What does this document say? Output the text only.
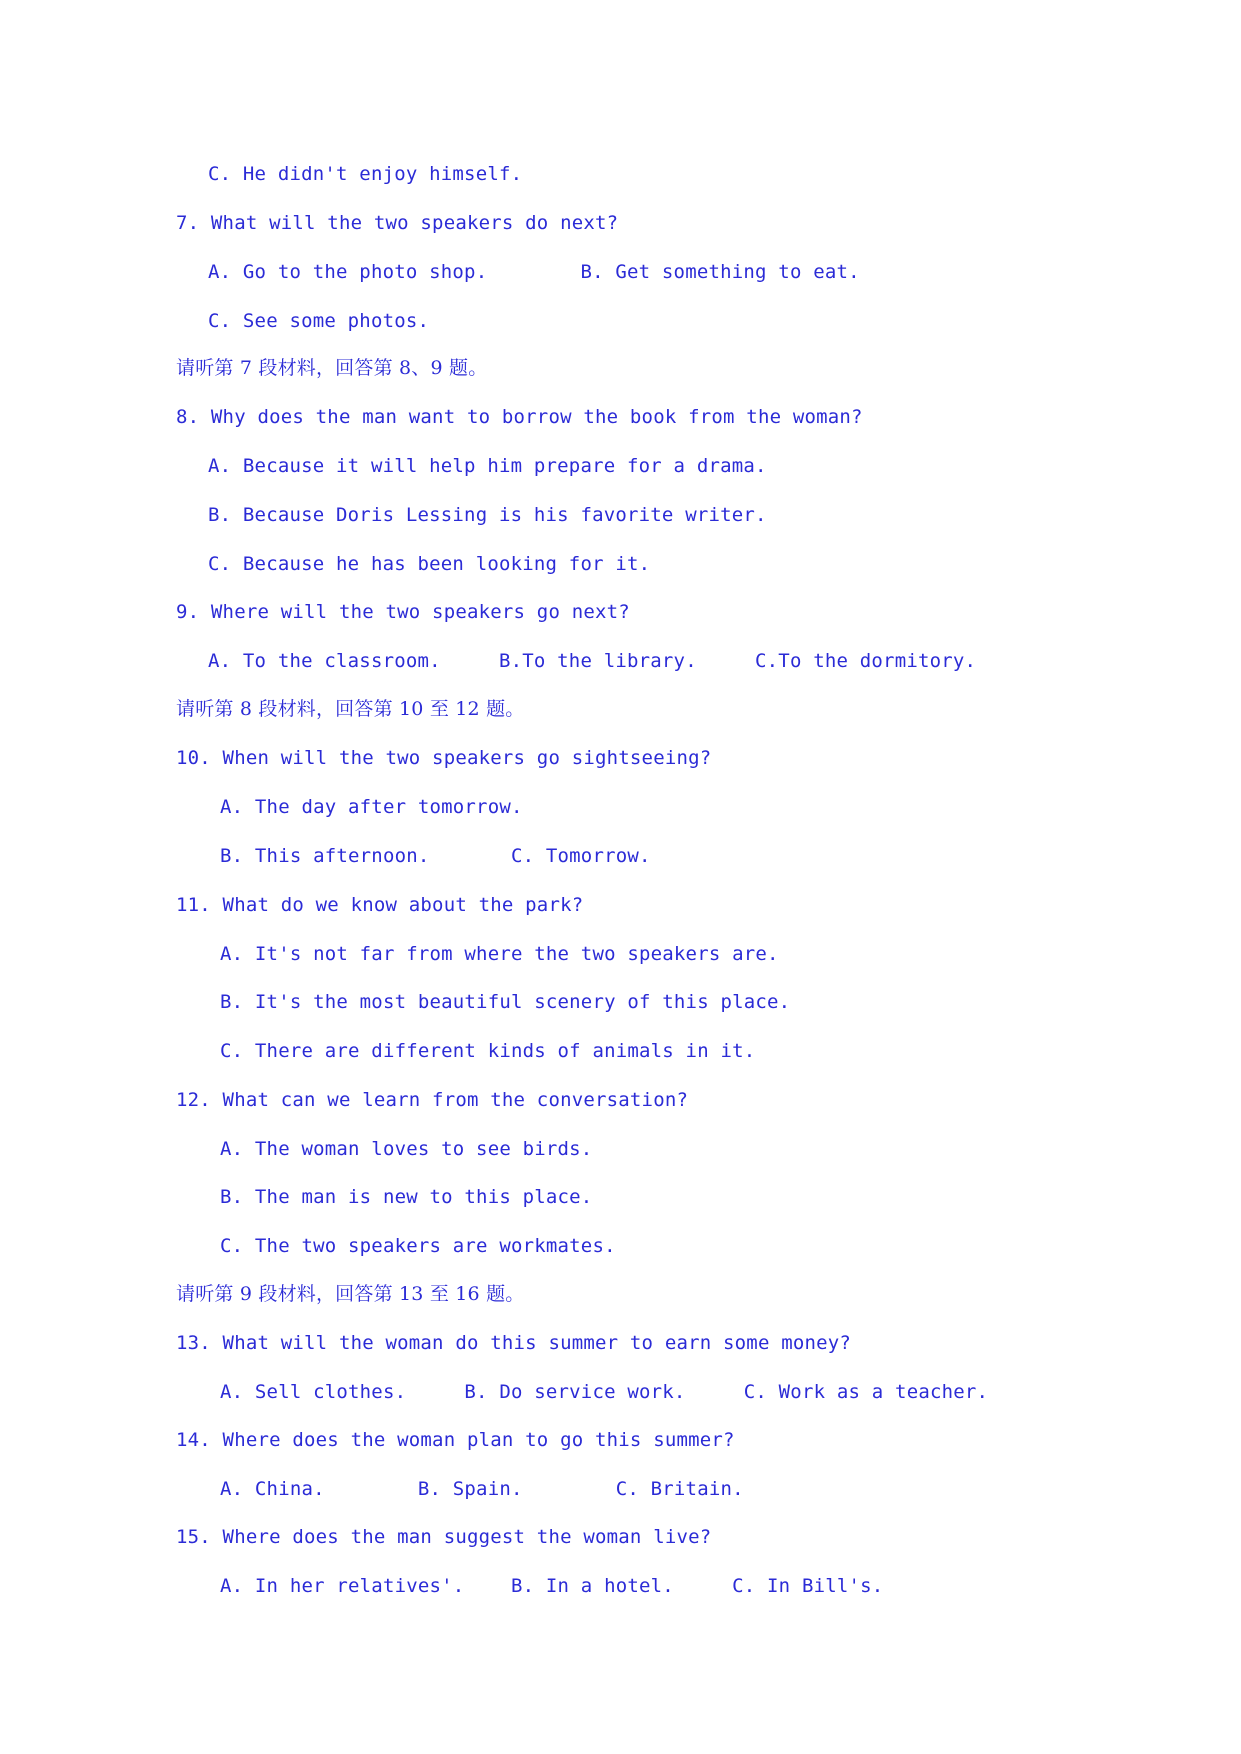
C. He didn't enjoy himself.
7. What will the two speakers do next?
A. Go to the photo shop.        B. Get something to eat.
C. See some photos.
请听第 7 段材料，回答第 8、9 题。
8. Why does the man want to borrow the book from the woman?
A. Because it will help him prepare for a drama.
B. Because Doris Lessing is his favorite writer.
C. Because he has been looking for it.
9. Where will the two speakers go next?
A. To the classroom.     B.To the library.     C.To the dormitory.
请听第 8 段材料，回答第 10 至 12 题。
10. When will the two speakers go sightseeing?
A. The day after tomorrow.
B. This afternoon.       C. Tomorrow.
11. What do we know about the park?
A. It's not far from where the two speakers are.
B. It's the most beautiful scenery of this place.
C. There are different kinds of animals in it.
12. What can we learn from the conversation?
A. The woman loves to see birds.
B. The man is new to this place.
C. The two speakers are workmates.
请听第 9 段材料，回答第 13 至 16 题。
13. What will the woman do this summer to earn some money?
A. Sell clothes.     B. Do service work.     C. Work as a teacher.
14. Where does the woman plan to go this summer?
A. China.        B. Spain.        C. Britain.
15. Where does the man suggest the woman live?
A. In her relatives'.    B. In a hotel.     C. In Bill's.
